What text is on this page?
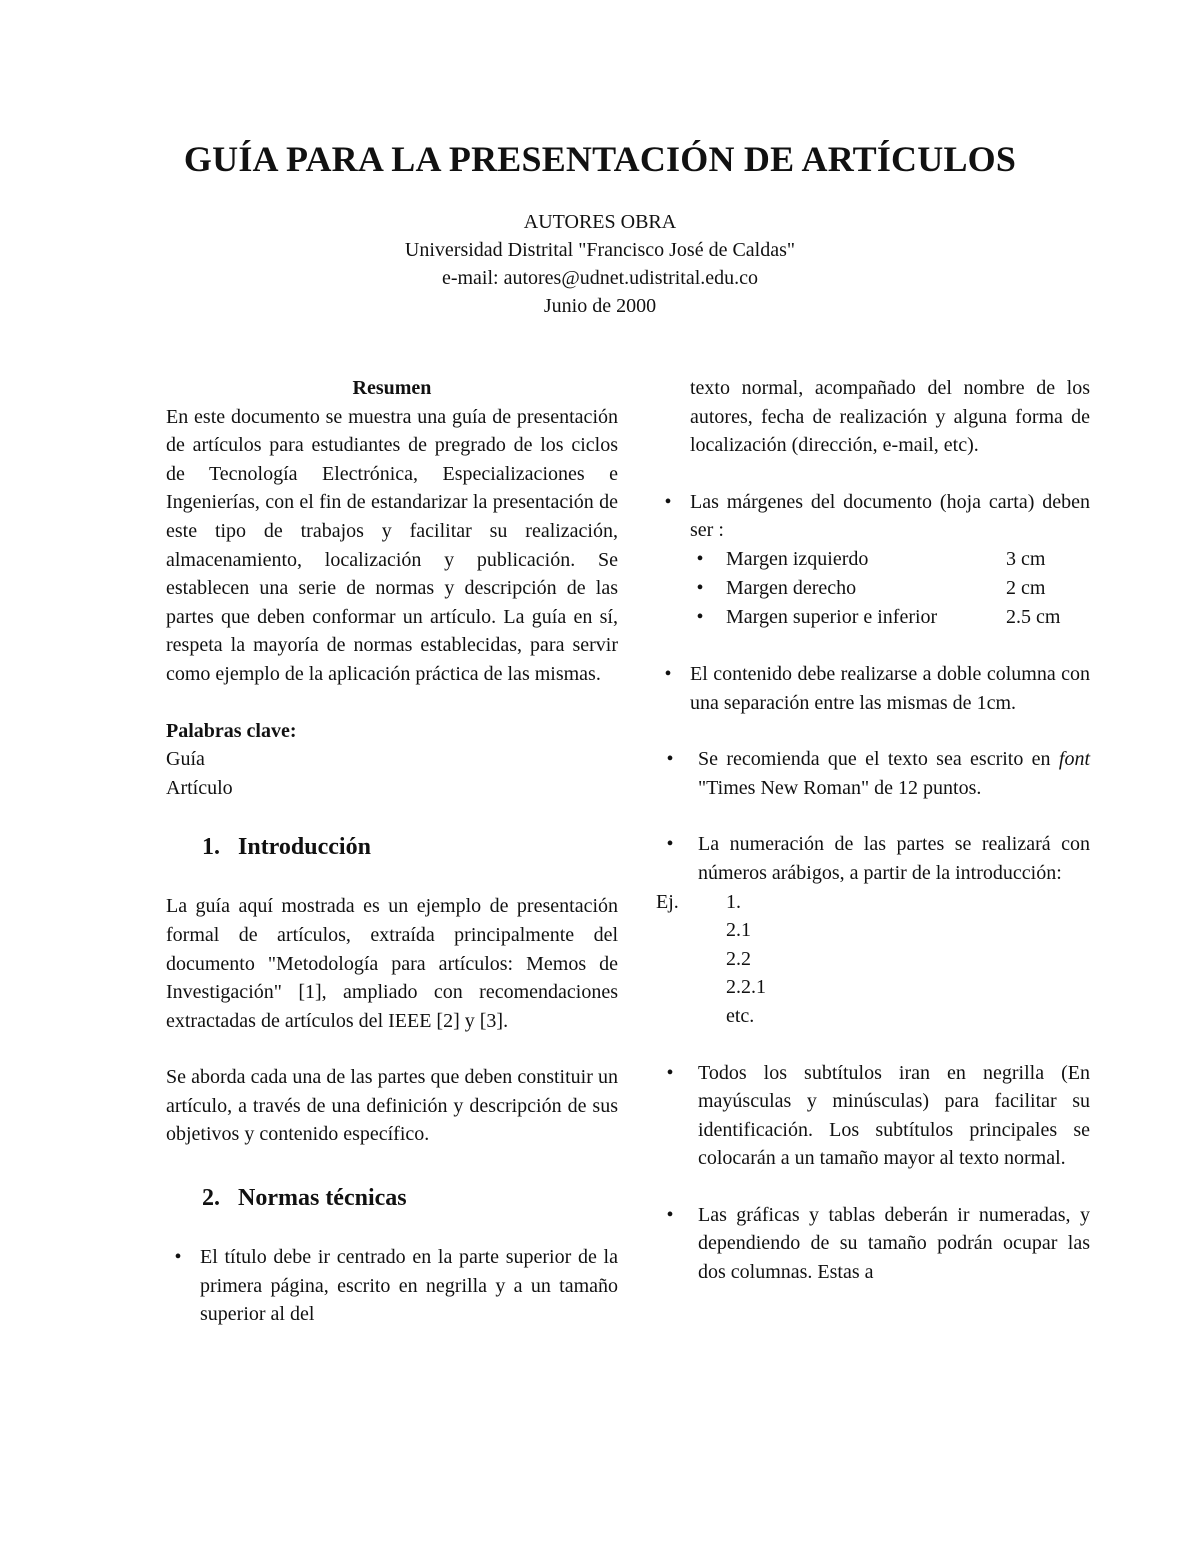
GUÍA PARA LA PRESENTACIÓN DE ARTÍCULOS
AUTORES OBRA
Universidad Distrital "Francisco José de Caldas"
e-mail: autores@udnet.udistrital.edu.co
Junio de 2000

Resumen

En este documento se muestra una guía de presentación de artículos para estudiantes de pregrado de los ciclos de Tecnología Electrónica, Especializaciones e Ingenierías, con el fin de estandarizar la presentación de este tipo de trabajos y facilitar su realización, almacenamiento, localización y publicación. Se establecen una serie de normas y descripción de las partes que deben conformar un artículo. La guía en sí, respeta la mayoría de normas establecidas, para servir como ejemplo de la aplicación práctica de las mismas.

Palabras clave:

Guía

Artículo

1. Introducción

La guía aquí mostrada es un ejemplo de presentación formal de artículos, extraída principalmente del documento "Metodología para artículos: Memos de Investigación" [1], ampliado con recomendaciones extractadas de artículos del IEEE [2] y [3].

Se aborda cada una de las partes que deben constituir un artículo, a través de una definición y descripción de sus objetivos y contenido específico.

2. Normas técnicas
• El título debe ir centrado en la parte superior de la primera página, escrito en negrilla y a un tamaño superior al del

texto normal, acompañado del nombre de los autores, fecha de realización y alguna forma de localización (dirección, e-mail, etc).

• Las márgenes del documento (hoja carta) deben ser :
•	Margen izquierdo	3 cm
•	Margen derecho	2 cm
•	Margen superior e inferior	2.5 cm
• El contenido debe realizarse a doble columna con una separación entre las mismas de 1cm.
•	Se recomienda que el texto sea escrito en font "Times New Roman" de 12 puntos.
•	La numeración de las partes se realizará con números arábigos, a partir de la introducción:
Ej. 1.
2.1
2.2
2.2.1
etc.
•	Todos los subtítulos iran en negrilla (En mayúsculas y minúsculas) para facilitar su identificación. Los subtítulos principales se colocarán a un tamaño mayor al texto normal.
•	Las gráficas y tablas deberán ir numeradas, y dependiendo de su tamaño podrán ocupar las dos columnas. Estas a
